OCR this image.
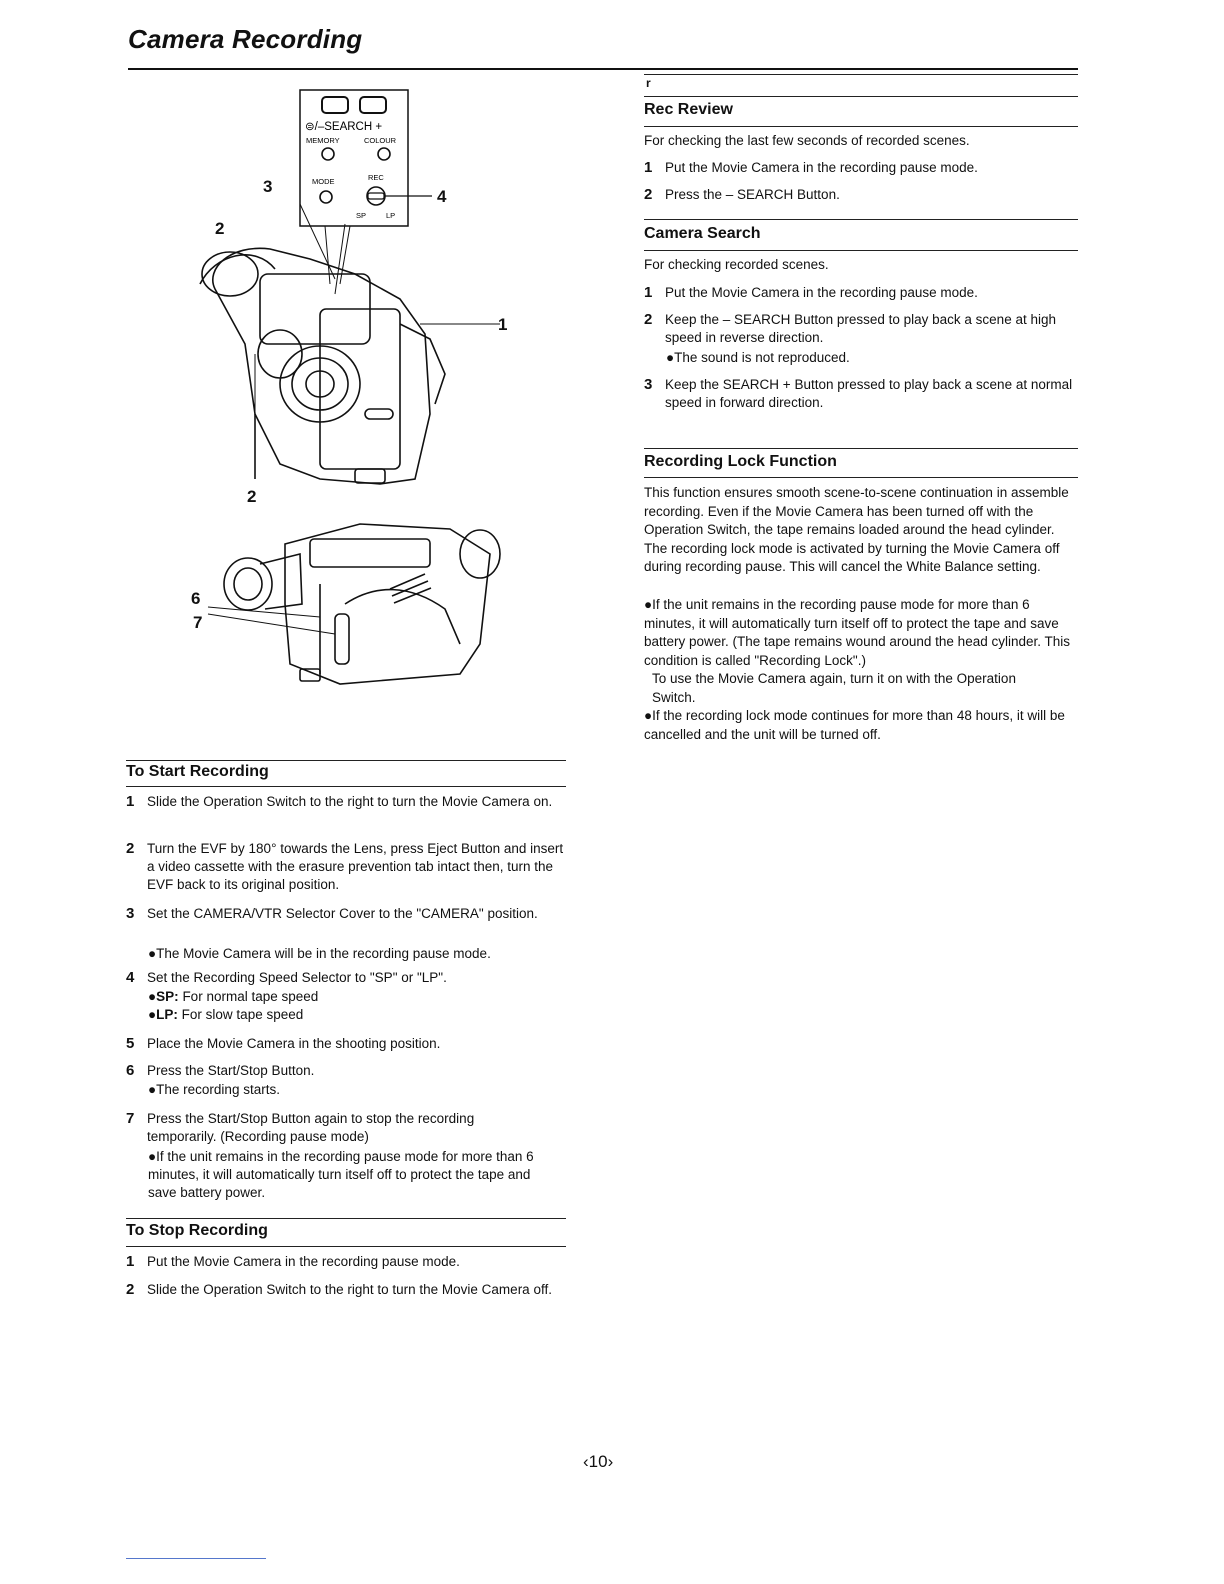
Camera Recording
⊜/–SEARCH +
MEMORY	COLOUR
MODE	REC
SP	LP
1
2
2
3
4
6
7
To Start Recording
1 Slide the Operation Switch to the right to turn the Movie Camera on.
2 Turn the EVF by 180° towards the Lens, press Eject Button and insert a video cassette with the erasure prevention tab intact then, turn the EVF back to its original position.
3 Set the CAMERA/VTR Selector Cover to the "CAMERA" position.
●The Movie Camera will be in the recording pause mode.
4 Set the Recording Speed Selector to "SP" or "LP".
●SP: For normal tape speed
●LP: For slow tape speed
5 Place the Movie Camera in the shooting position.
6 Press the Start/Stop Button.
●The recording starts.
7 Press the Start/Stop Button again to stop the recording temporarily. (Recording pause mode)
●If the unit remains in the recording pause mode for more than 6 minutes, it will automatically turn itself off to protect the tape and save battery power.
To Stop Recording
1 Put the Movie Camera in the recording pause mode.
2 Slide the Operation Switch to the right to turn the Movie Camera off.
r
Rec Review

For checking the last few seconds of recorded scenes.

1 Put the Movie Camera in the recording pause mode.
2 Press the – SEARCH Button.
Camera Search

For checking recorded scenes.

1 Put the Movie Camera in the recording pause mode.
2 Keep the – SEARCH Button pressed to play back a scene at high speed in reverse direction.
●The sound is not reproduced.
3 Keep the SEARCH + Button pressed to play back a scene at normal speed in forward direction.
Recording Lock Function

This function ensures smooth scene-to-scene continuation in assemble recording. Even if the Movie Camera has been turned off with the Operation Switch, the tape remains loaded around the head cylinder. The recording lock mode is activated by turning the Movie Camera off during recording pause. This will cancel the White Balance setting.

●If the unit remains in the recording pause mode for more than 6 minutes, it will automatically turn itself off to protect the tape and save battery power. (The tape remains wound around the head cylinder. This condition is called "Recording Lock".)

To use the Movie Camera again, turn it on with the Operation Switch.

●If the recording lock mode continues for more than 48 hours, it will be cancelled and the unit will be turned off.

‹10›
